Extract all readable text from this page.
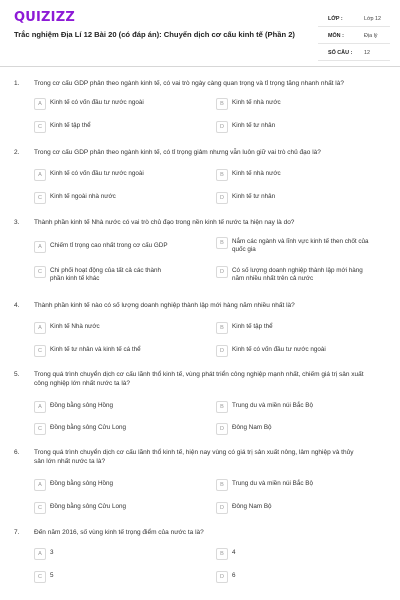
QUIZIZZ
Trắc nghiệm Địa Lí 12 Bài 20 (có đáp án): Chuyển dịch cơ cấu kinh tế (Phần 2)
LỚP :	Lớp 12
MÔN :	Địa lý
SỐ CÂU : 12
1. Trong cơ cấu GDP phân theo ngành kinh tế, có vai trò ngày càng quan trọng và tỉ trọng tăng nhanh nhất là?
A	Kinh tế có vốn đầu tư nước ngoài	B	Kinh tế nhà nước
C	Kinh tế tập thể	D	Kinh tế tư nhân
2. Trong cơ cấu GDP phân theo ngành kinh tế, có tỉ trọng giảm nhưng vẫn luôn giữ vai trò chủ đạo là?
A	Kinh tế có vốn đầu tư nước ngoài	B	Kinh tế nhà nước
C	Kinh tế ngoài nhà nước	D	Kinh tế tư nhân
3. Thành phần kinh tế Nhà nước có vai trò chủ đạo trong nền kinh tế nước ta hiện nay là do?
A	Chiếm tỉ trọng cao nhất trong cơ cấu GDP	B	Nắm các ngành và lĩnh vực kinh tế then chốt của quốc gia
C	Chi phối hoạt động của tất cả các thành phần kinh tế khác
D	Có số lượng doanh nghiệp thành lập mới hàng năm nhiều nhất trên cả nước
4. Thành phần kinh tế nào có số lượng doanh nghiệp thành lập mới hàng năm nhiều nhất là?
A	Kinh tế Nhà nước	B	Kinh tế tập thể
C	Kinh tế tư nhân và kinh tế cá thể	D	Kinh tế có vốn đầu tư nước ngoài
5. Trong quá trình chuyển dịch cơ cấu lãnh thổ kinh tế, vùng phát triển công nghiệp mạnh nhất, chiếm giá trị sản xuất công nghiệp lớn nhất nước ta là?
A	Đồng bằng sông Hồng	B	Trung du và miền núi Bắc Bộ
C	Đồng bằng sông Cửu Long	D	Đông Nam Bộ
6. Trong quá trình chuyển dịch cơ cấu lãnh thổ kinh tế, hiện nay vùng có giá trị sản xuất nông, lâm nghiệp và thủy sản lớn nhất nước ta là?
A	Đồng bằng sông Hồng	B	Trung du và miền núi Bắc Bộ
C	Đồng bằng sông Cửu Long	D	Đông Nam Bộ
7. Đến năm 2016, số vùng kinh tế trọng điểm của nước ta là?
A	3	B	4
C	5	D	6
